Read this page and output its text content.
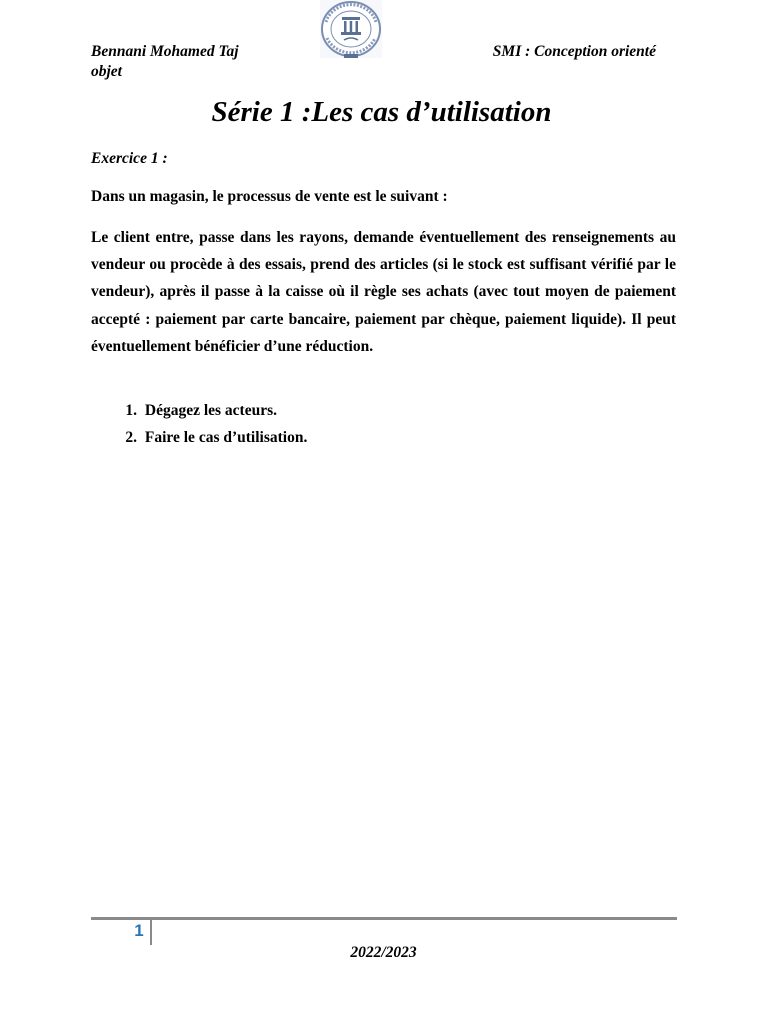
Bennani Mohamed Taj	SMI : Conception orienté
objet
Série 1 :Les cas d’utilisation
Exercice 1 :
Dans un magasin, le processus de vente est le suivant :

Le client entre, passe dans les rayons, demande éventuellement des renseignements au vendeur ou procède à des essais, prend des articles (si le stock est suffisant vérifié par le vendeur), après il passe à la caisse où il règle ses achats (avec tout moyen de paiement accepté : paiement par carte bancaire, paiement par chèque, paiement liquide). Il peut éventuellement bénéficier d’une réduction.

1. Dégagez les acteurs.
2. Faire le cas d’utilisation.
1
2022/2023
